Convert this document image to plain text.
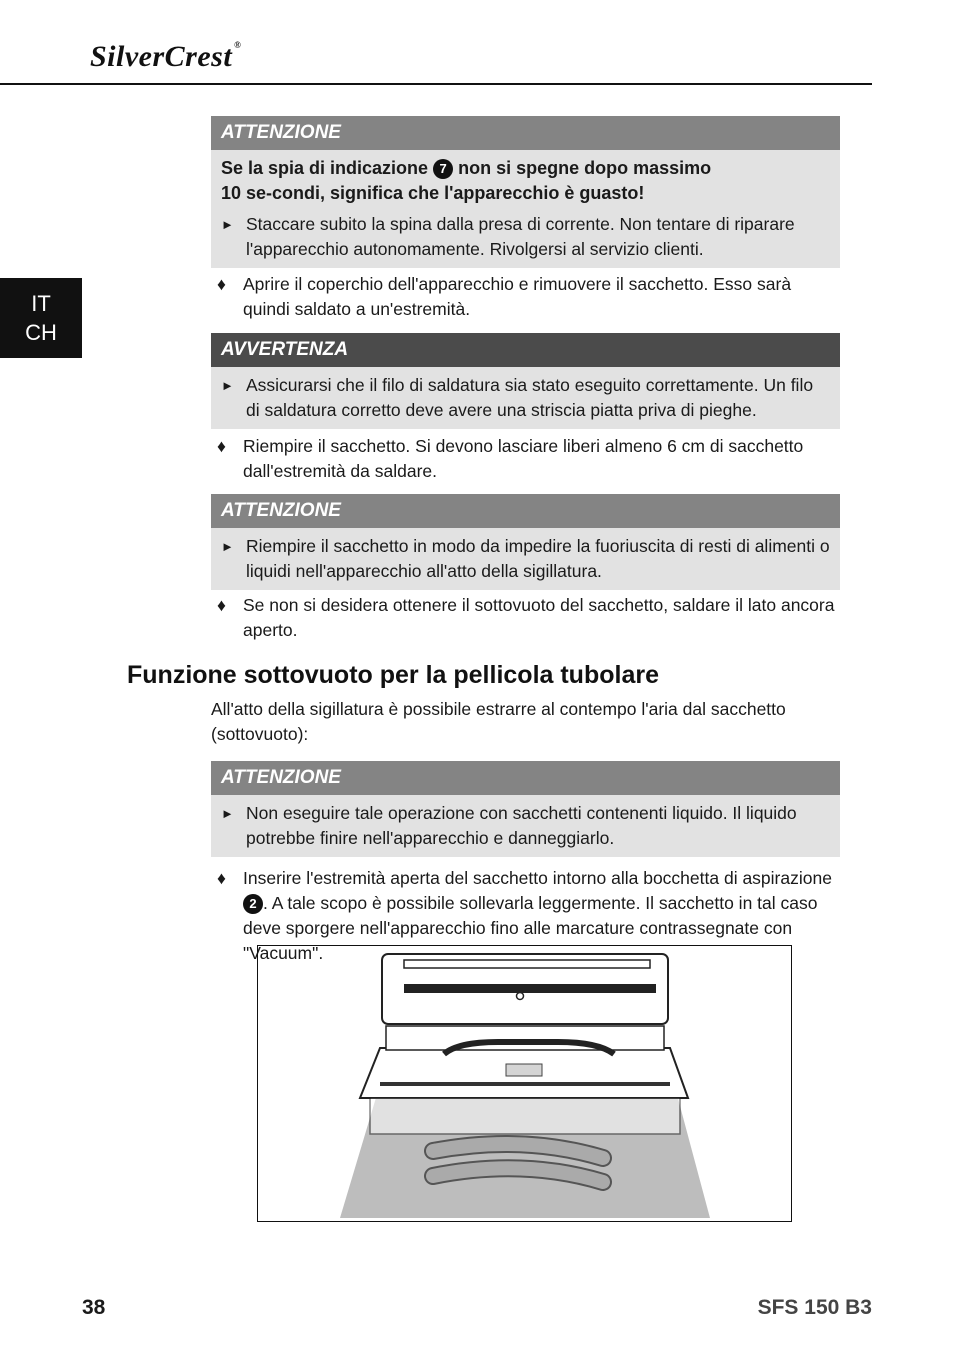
SilverCrest ®
IT
CH
ATTENZIONE
Se la spia di indicazione 7 non si spegne dopo massimo
10 se-condi, significa che l'apparecchio è guasto!
► Staccare subito la spina dalla presa di corrente. Non tentare di riparare l'apparecchio autonomamente. Rivolgersi al servizio clienti.
♦ Aprire il coperchio dell'apparecchio e rimuovere il sacchetto. Esso sarà quindi saldato a un'estremità.
AVVERTENZA
► Assicurarsi che il filo di saldatura sia stato eseguito correttamente. Un filo di saldatura corretto deve avere una striscia piatta priva di pieghe.
♦ Riempire il sacchetto. Si devono lasciare liberi almeno 6 cm di sacchetto dall'estremità da saldare.
ATTENZIONE
► Riempire il sacchetto in modo da impedire la fuoriuscita di resti di alimenti o liquidi nell'apparecchio all'atto della sigillatura.
♦ Se non si desidera ottenere il sottovuoto del sacchetto, saldare il lato ancora aperto.
Funzione sottovuoto per la pellicola tubolare
All'atto della sigillatura è possibile estrarre al contempo l'aria dal sacchetto (sottovuoto):
ATTENZIONE
► Non eseguire tale operazione con sacchetti contenenti liquido. Il liquido potrebbe finire nell'apparecchio e danneggiarlo.
♦ Inserire l'estremità aperta del sacchetto intorno alla bocchetta di aspirazione 2 . A tale scopo è possibile sollevarla leggermente. Il sacchetto in tal caso deve sporgere nell'apparecchio fino alle marcature contrassegnate con "Vacuum".
38	SFS 150 B3
